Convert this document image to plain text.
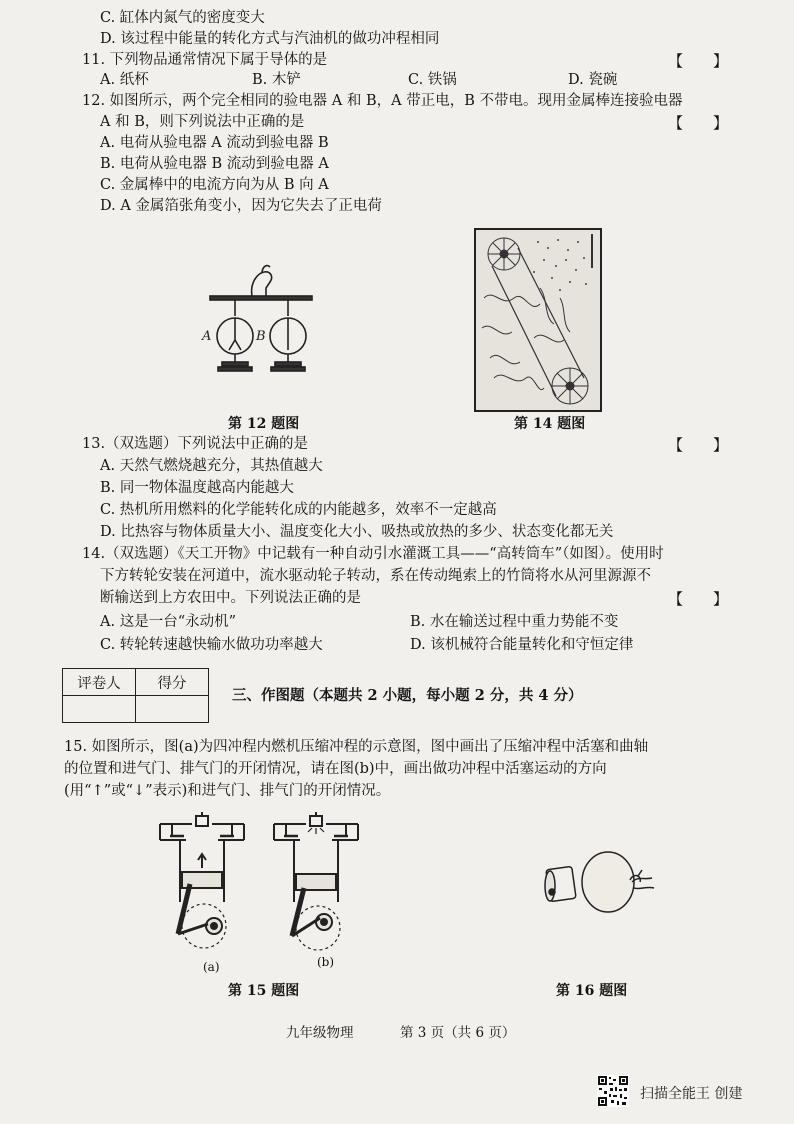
C. 缸体内氮气的密度变大
D. 该过程中能量的转化方式与汽油机的做功冲程相同
11. 下列物品通常情况下属于导体的是	【　　】
A. 纸杯	B. 木铲	C. 铁锅	D. 瓷碗
12. 如图所示，两个完全相同的验电器 A 和 B，A 带正电，B 不带电。现用金属棒连接验电器
A 和 B，则下列说法中正确的是	【　　】
A. 电荷从验电器 A 流动到验电器 B
B. 电荷从验电器 B 流动到验电器 A
C. 金属棒中的电流方向为从 B 向 A
D. A 金属箔张角变小，因为它失去了正电荷
A	B
第 12 题图	第 14 题图
13.（双选题）下列说法中正确的是	【　　】
A. 天然气燃烧越充分，其热值越大
B. 同一物体温度越高内能越大
C. 热机所用燃料的化学能转化成的内能越多，效率不一定越高
D. 比热容与物体质量大小、温度变化大小、吸热或放热的多少、状态变化都无关
14.（双选题）《天工开物》中记载有一种自动引水灌溉工具——“高转筒车”（如图）。使用时
下方转轮安装在河道中，流水驱动轮子转动，系在传动绳索上的竹筒将水从河里源源不
断输送到上方农田中。下列说法正确的是	【　　】
A. 这是一台“永动机”	B. 水在输送过程中重力势能不变
C. 转轮转速越快输水做功功率越大	D. 该机械符合能量转化和守恒定律
评卷人	得分

三、作图题（本题共 2 小题，每小题 2 分，共 4 分）
15. 如图所示，图(a)为四冲程内燃机压缩冲程的示意图，图中画出了压缩冲程中活塞和曲轴
的位置和进气门、排气门的开闭情况，请在图(b)中，画出做功冲程中活塞运动的方向
(用“↑”或“↓”表示)和进气门、排气门的开闭情况。
(a)	(b)
第 15 题图	第 16 题图
九年级物理	第 3 页（共 6 页）
扫描全能王 创建
